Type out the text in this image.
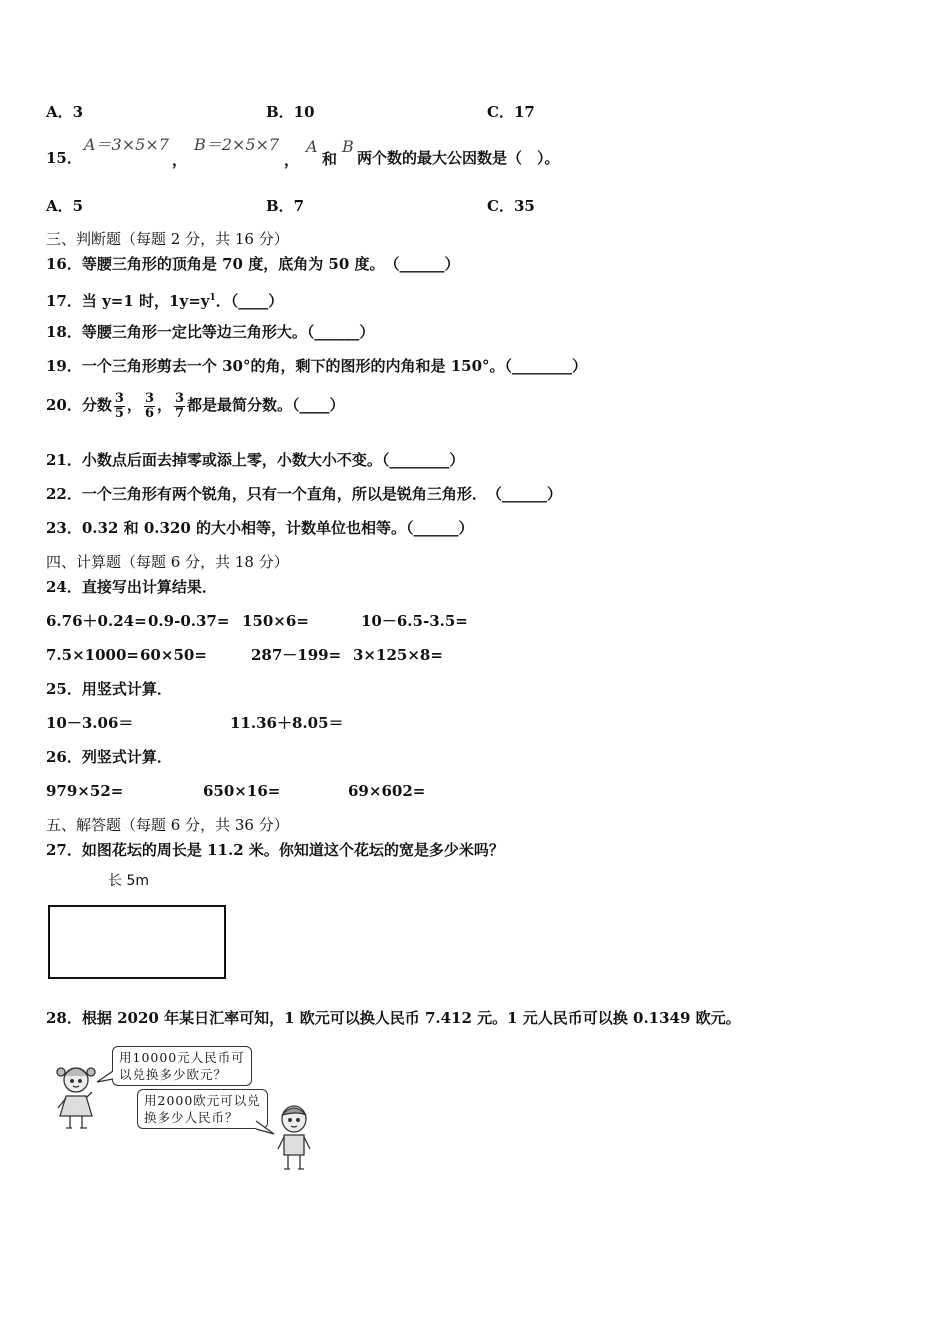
A．3	B．10	C．17
15．
A＝3×5×7
，
B＝2×5×7
，
A
和
B
两个数的最大公因数是（　）。
A．5	B．7	C．35
三、判断题（每题 2 分，共 16 分）
16．等腰三角形的顶角是 70 度，底角为 50 度。　（______）
17．当 y=1 时，$1y=y^1$．（____）
18．等腰三角形一定比等边三角形大。（______）
19．一个三角形剪去一个 30°的角，剩下的图形的内角和是 150°。（________）
20．分数 $\frac{3}{5}$ ， $\frac{3}{6}$ ， $\frac{3}{7}$ 都是最简分数。（____）
21．小数点后面去掉零或添上零，小数大小不变。（________）
22．一个三角形有两个锐角，只有一个直角，所以是锐角三角形．　（______）
23．0.32 和 0.320 的大小相等，计数单位也相等。（______）
四、计算题（每题 6 分，共 18 分）
24．直接写出计算结果．
6.76＋0.24= 0.9-0.37= 150×6=	10－6.5-3.5=
7.5×1000= 60×50=	287－199= 3×125×8=
25．用竖式计算．
10－3.06＝	11.36＋8.05＝
26．列竖式计算．
979×52=	650×16=	69×602=
五、解答题（每题 6 分，共 36 分）
27．如图花坛的周长是 11.2 米。你知道这个花坛的宽是多少米吗？
长 5m
28．根据 2020 年某日汇率可知，1 欧元可以换人民币 7.412 元。1 元人民币可以换 0.1349 欧元。
用10000元人民币可
以兑换多少欧元？
用2000欧元可以兑
换多少人民币？
